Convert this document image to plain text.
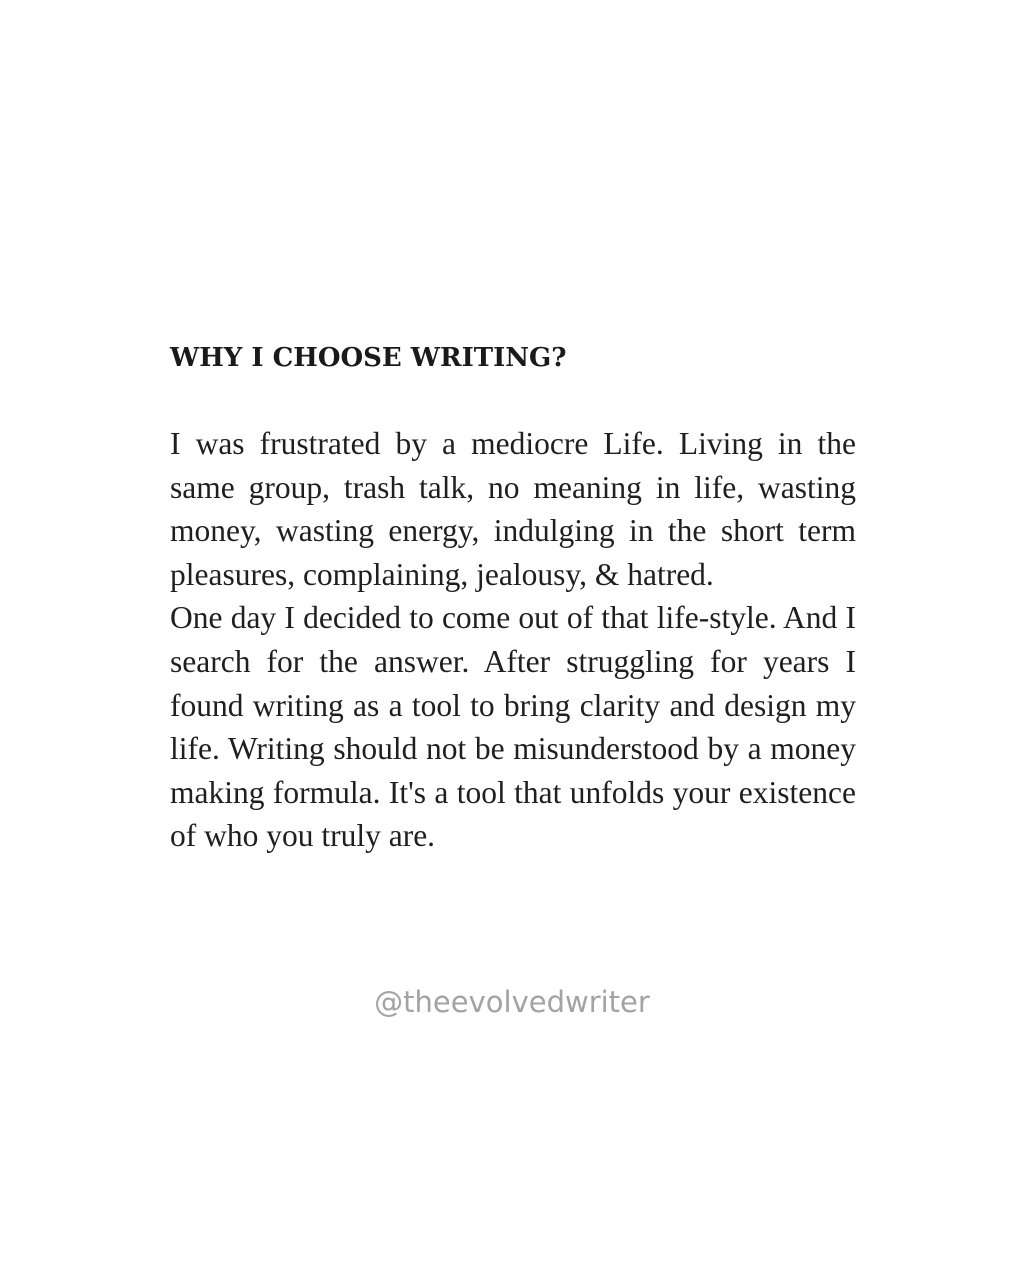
WHY I CHOOSE WRITING?

I was frustrated by a mediocre Life. Living in the same group, trash talk, no meaning in life, wasting money, wasting energy, indulging in the short term pleasures, complaining, jealousy, & hatred.

One day I decided to come out of that life-style. And I search for the answer. After struggling for years I found writing as a tool to bring clarity and design my life. Writing should not be misunderstood by a money making formula. It's a tool that unfolds your existence of who you truly are.

@theevolvedwriter
